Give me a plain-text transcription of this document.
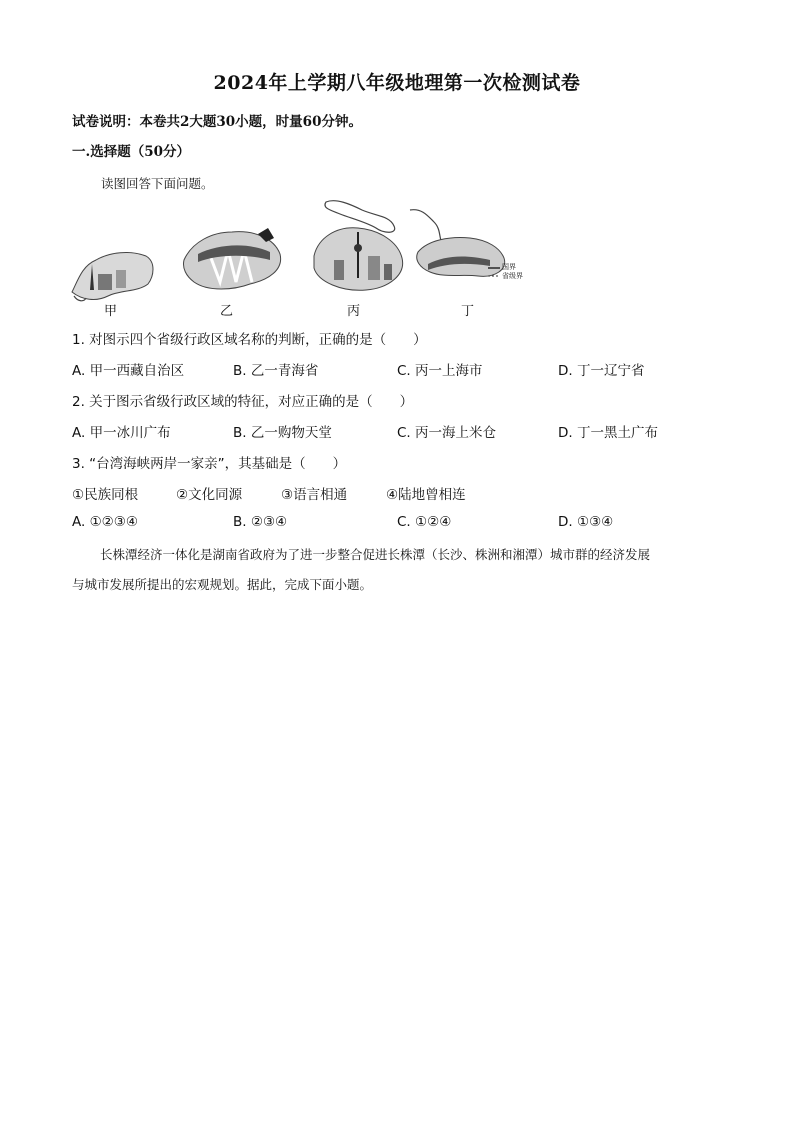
2024年上学期八年级地理第一次检测试卷
试卷说明：本卷共2大题30小题，时量60分钟。
一.选择题（50分）
读图回答下面问题。
甲	乙	丙
国界
省级界
丁
1. 对图示四个省级行政区域名称的判断，正确的是（　　）
A. 甲一西藏自治区	B. 乙一青海省	C. 丙一上海市	D. 丁一辽宁省
2. 关于图示省级行政区域的特征，对应正确的是（　　）
A. 甲一冰川广布	B. 乙一购物天堂	C. 丙一海上米仓	D. 丁一黑土广布
3. “台湾海峡两岸一家亲”，其基础是（　　）
①民族同根	②文化同源	③语言相通	④陆地曾相连
A. ①②③④	B. ②③④	C. ①②④	D. ①③④
长株潭经济一体化是湖南省政府为了进一步整合促进长株潭（长沙、株洲和湘潭）城市群的经济发展
与城市发展所提出的宏观规划。据此，完成下面小题。
